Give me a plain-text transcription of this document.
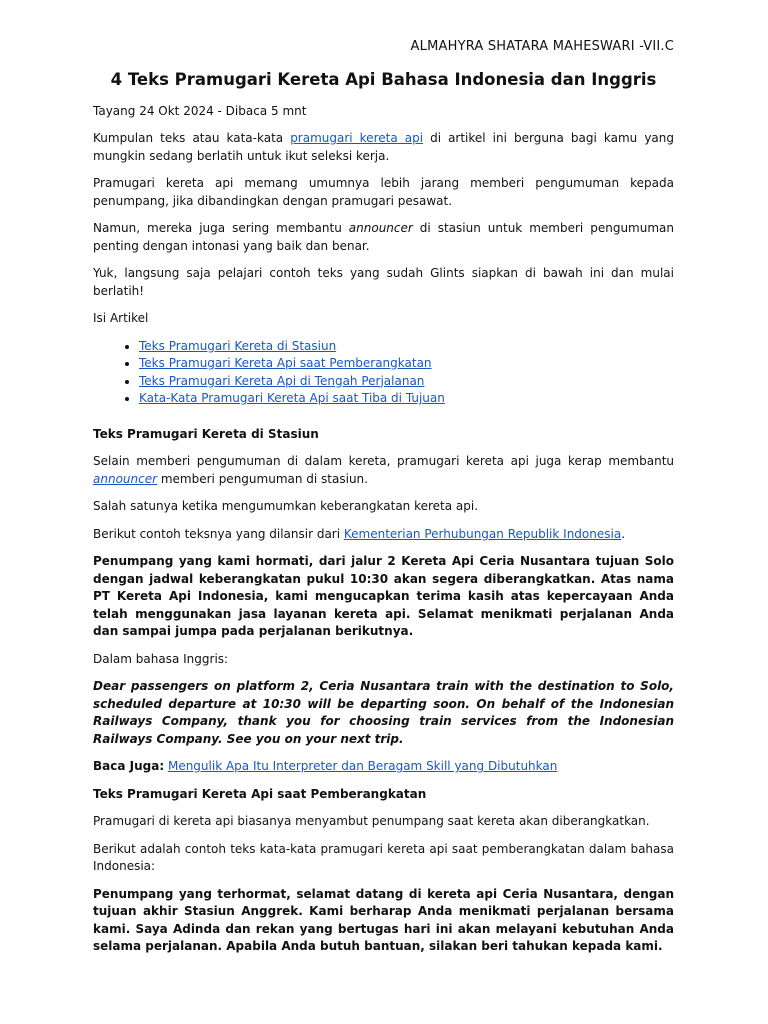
ALMAHYRA SHATARA MAHESWARI -VII.C
4 Teks Pramugari Kereta Api Bahasa Indonesia dan Inggris

Tayang 24 Okt 2024 - Dibaca 5 mnt

Kumpulan teks atau kata-kata pramugari kereta api di artikel ini berguna bagi kamu yang mungkin sedang berlatih untuk ikut seleksi kerja.

Pramugari kereta api memang umumnya lebih jarang memberi pengumuman kepada penumpang, jika dibandingkan dengan pramugari pesawat.

Namun, mereka juga sering membantu announcer di stasiun untuk memberi pengumuman penting dengan intonasi yang baik dan benar.

Yuk, langsung saja pelajari contoh teks yang sudah Glints siapkan di bawah ini dan mulai berlatih!

Isi Artikel

• Teks Pramugari Kereta di Stasiun
• Teks Pramugari Kereta Api saat Pemberangkatan
• Teks Pramugari Kereta Api di Tengah Perjalanan
• Kata-Kata Pramugari Kereta Api saat Tiba di Tujuan

Teks Pramugari Kereta di Stasiun

Selain memberi pengumuman di dalam kereta, pramugari kereta api juga kerap membantu announcer memberi pengumuman di stasiun.

Salah satunya ketika mengumumkan keberangkatan kereta api.

Berikut contoh teksnya yang dilansir dari Kementerian Perhubungan Republik Indonesia.

Penumpang yang kami hormati, dari jalur 2 Kereta Api Ceria Nusantara tujuan Solo dengan jadwal keberangkatan pukul 10:30 akan segera diberangkatkan. Atas nama PT Kereta Api Indonesia, kami mengucapkan terima kasih atas kepercayaan Anda telah menggunakan jasa layanan kereta api. Selamat menikmati perjalanan Anda dan sampai jumpa pada perjalanan berikutnya.

Dalam bahasa Inggris:

Dear passengers on platform 2, Ceria Nusantara train with the destination to Solo, scheduled departure at 10:30 will be departing soon. On behalf of the Indonesian Railways Company, thank you for choosing train services from the Indonesian Railways Company. See you on your next trip.

Baca Juga: Mengulik Apa Itu Interpreter dan Beragam Skill yang Dibutuhkan

Teks Pramugari Kereta Api saat Pemberangkatan

Pramugari di kereta api biasanya menyambut penumpang saat kereta akan diberangkatkan.

Berikut adalah contoh teks kata-kata pramugari kereta api saat pemberangkatan dalam bahasa Indonesia:

Penumpang yang terhormat, selamat datang di kereta api Ceria Nusantara, dengan tujuan akhir Stasiun Anggrek. Kami berharap Anda menikmati perjalanan bersama kami. Saya Adinda dan rekan yang bertugas hari ini akan melayani kebutuhan Anda selama perjalanan. Apabila Anda butuh bantuan, silakan beri tahukan kepada kami.
